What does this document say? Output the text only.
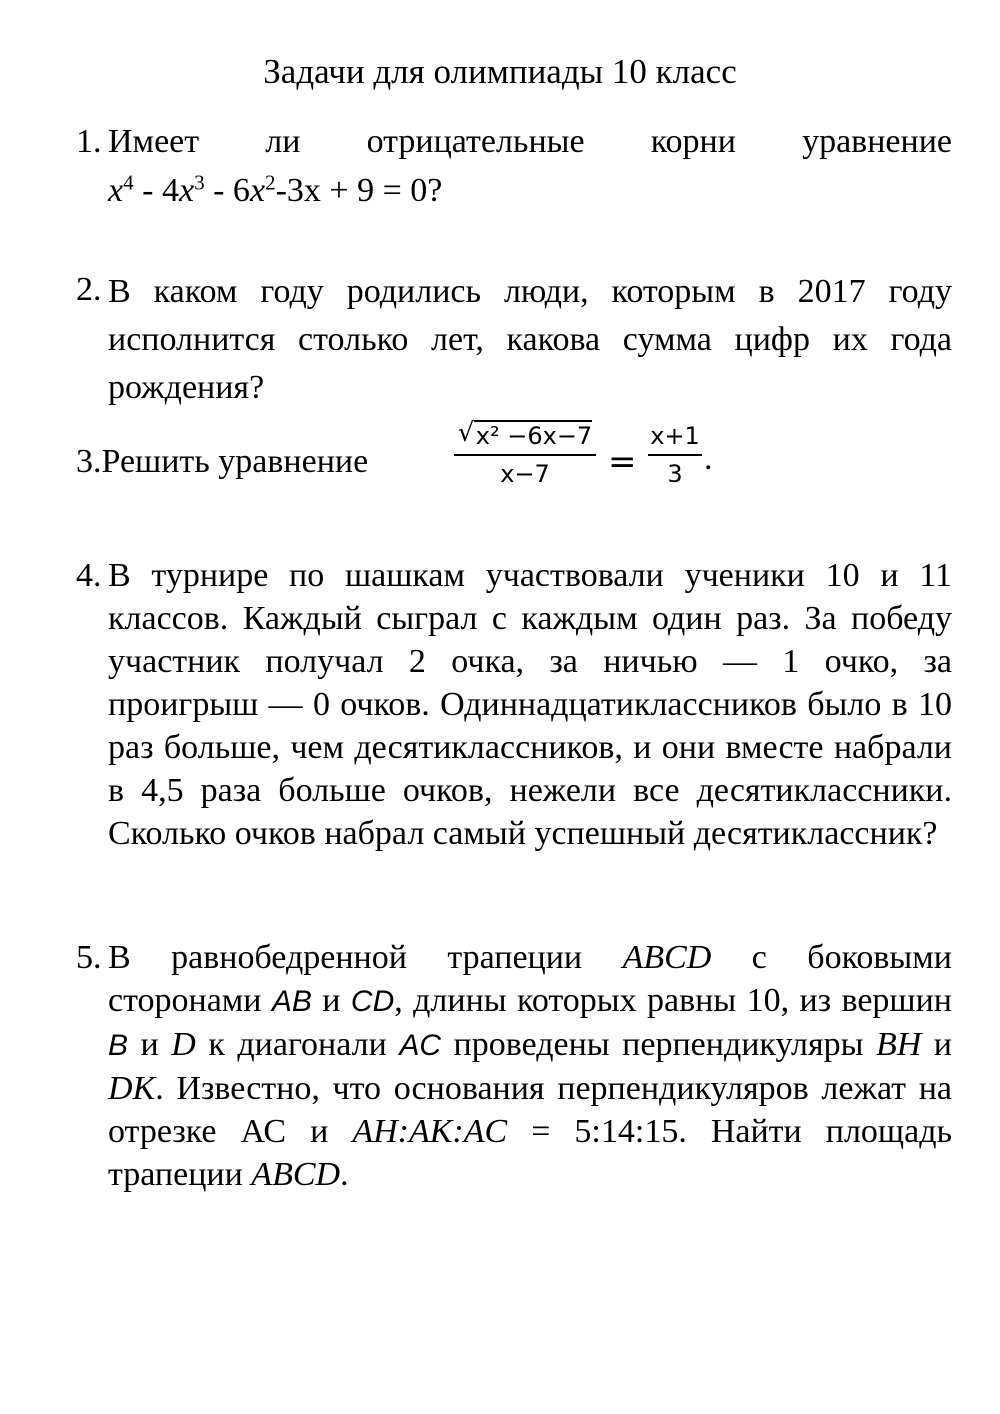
Задачи для олимпиады 10 класс
1. Имеет ли отрицательные корни уравнение
$x^4 - 4x^3 - 6x^2-3x + 9 = 0$?
2. В каком году родились люди, которым в 2017 году исполнится столько лет, какова сумма цифр их года рождения?
3.Решить уравнение
√ x² −6x−7
x−7	=
x+1
3 .
4. В турнире по шашкам участвовали ученики 10 и 11 классов. Каждый сыграл с каждым один раз. За победу участник получал 2 очка, за ничью — 1 очко, за проигрыш — 0 очков. Одиннадцатиклассников было в 10 раз больше, чем десятиклассников, и они вместе набрали в 4,5 раза больше очков, нежели все десятиклассники. Сколько очков набрал самый успешный десятиклассник?
5. В равнобедренной трапеции ABCD с боковыми сторонами AB и CD, длины которых равны 10, из вершин B и D к диагонали AC проведены перпендикуляры BH и DK. Известно, что основания перпендикуляров лежат на отрезке АС и AH:AK:AC = 5:14:15. Найти площадь трапеции ABCD.
